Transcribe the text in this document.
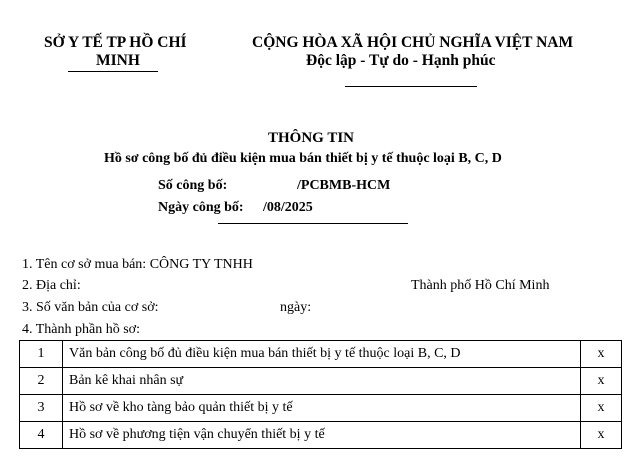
SỞ Y TẾ TP HỒ CHÍ
MINH
CỘNG HÒA XÃ HỘI CHỦ NGHĨA VIỆT NAM
Độc lập - Tự do - Hạnh phúc
THÔNG TIN
Hồ sơ công bố đủ điều kiện mua bán thiết bị y tế thuộc loại B, C, D
Số công bố:	/PCBMB-HCM
Ngày công bố: /08/2025
1. Tên cơ sở mua bán: CÔNG TY TNHH
2. Địa chỉ:	Thành phố Hồ Chí Minh
3. Số văn bản của cơ sở:	ngày:
4. Thành phần hồ sơ:
1	Văn bản công bố đủ điều kiện mua bán thiết bị y tế thuộc loại B, C, D	x
2	Bản kê khai nhân sự	x
3	Hồ sơ về kho tàng bảo quản thiết bị y tế	x
4	Hồ sơ về phương tiện vận chuyển thiết bị y tế	x
